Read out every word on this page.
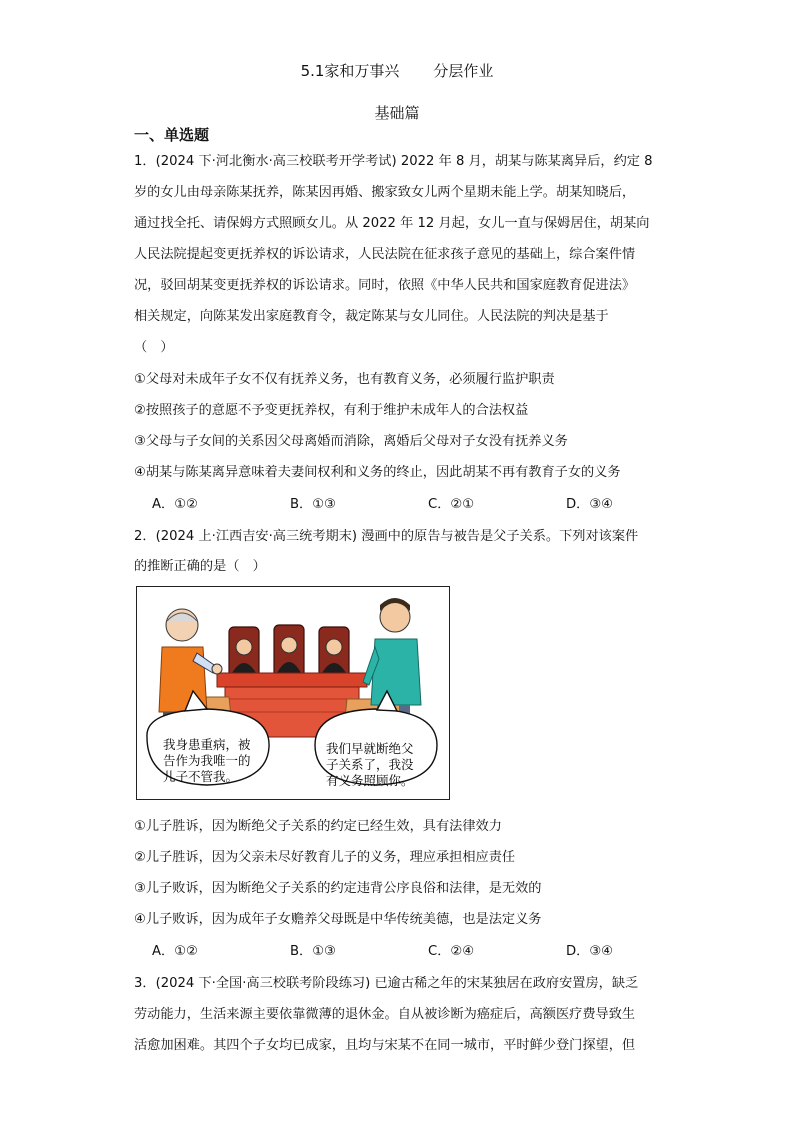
5.1家和万事兴 分层作业
基础篇
一、单选题
1．(2024 下·河北衡水·高三校联考开学考试) 2022 年 8 月，胡某与陈某离异后，约定 8
岁的女儿由母亲陈某抚养，陈某因再婚、搬家致女儿两个星期未能上学。胡某知晓后，
通过找全托、请保姆方式照顾女儿。从 2022 年 12 月起，女儿一直与保姆居住，胡某向
人民法院提起变更抚养权的诉讼请求，人民法院在征求孩子意见的基础上，综合案件情
况，驳回胡某变更抚养权的诉讼请求。同时，依照《中华人民共和国家庭教育促进法》
相关规定，向陈某发出家庭教育令，裁定陈某与女儿同住。人民法院的判决是基于
（　）
①父母对未成年子女不仅有抚养义务，也有教育义务，必须履行监护职责
②按照孩子的意愿不予变更抚养权，有利于维护未成年人的合法权益
③父母与子女间的关系因父母离婚而消除，离婚后父母对子女没有抚养义务
④胡某与陈某离异意味着夫妻间权利和义务的终止，因此胡某不再有教育子女的义务
A．①②	B．①③	C．②①	D．③④
2．(2024 上·江西吉安·高三统考期末) 漫画中的原告与被告是父子关系。下列对该案件
的推断正确的是（　）
我身患重病，被
告作为我唯一的
儿子不管我。
我们早就断绝父
子关系了，我没
有义务照顾你。
①儿子胜诉，因为断绝父子关系的约定已经生效，具有法律效力
②儿子胜诉，因为父亲未尽好教育儿子的义务，理应承担相应责任
③儿子败诉，因为断绝父子关系的约定违背公序良俗和法律，是无效的
④儿子败诉，因为成年子女赡养父母既是中华传统美德，也是法定义务
A．①②	B．①③	C．②④	D．③④
3．(2024 下·全国·高三校联考阶段练习) 已逾古稀之年的宋某独居在政府安置房，缺乏
劳动能力，生活来源主要依靠微薄的退休金。自从被诊断为癌症后，高额医疗费导致生
活愈加困难。其四个子女均已成家，且均与宋某不在同一城市，平时鲜少登门探望，但
